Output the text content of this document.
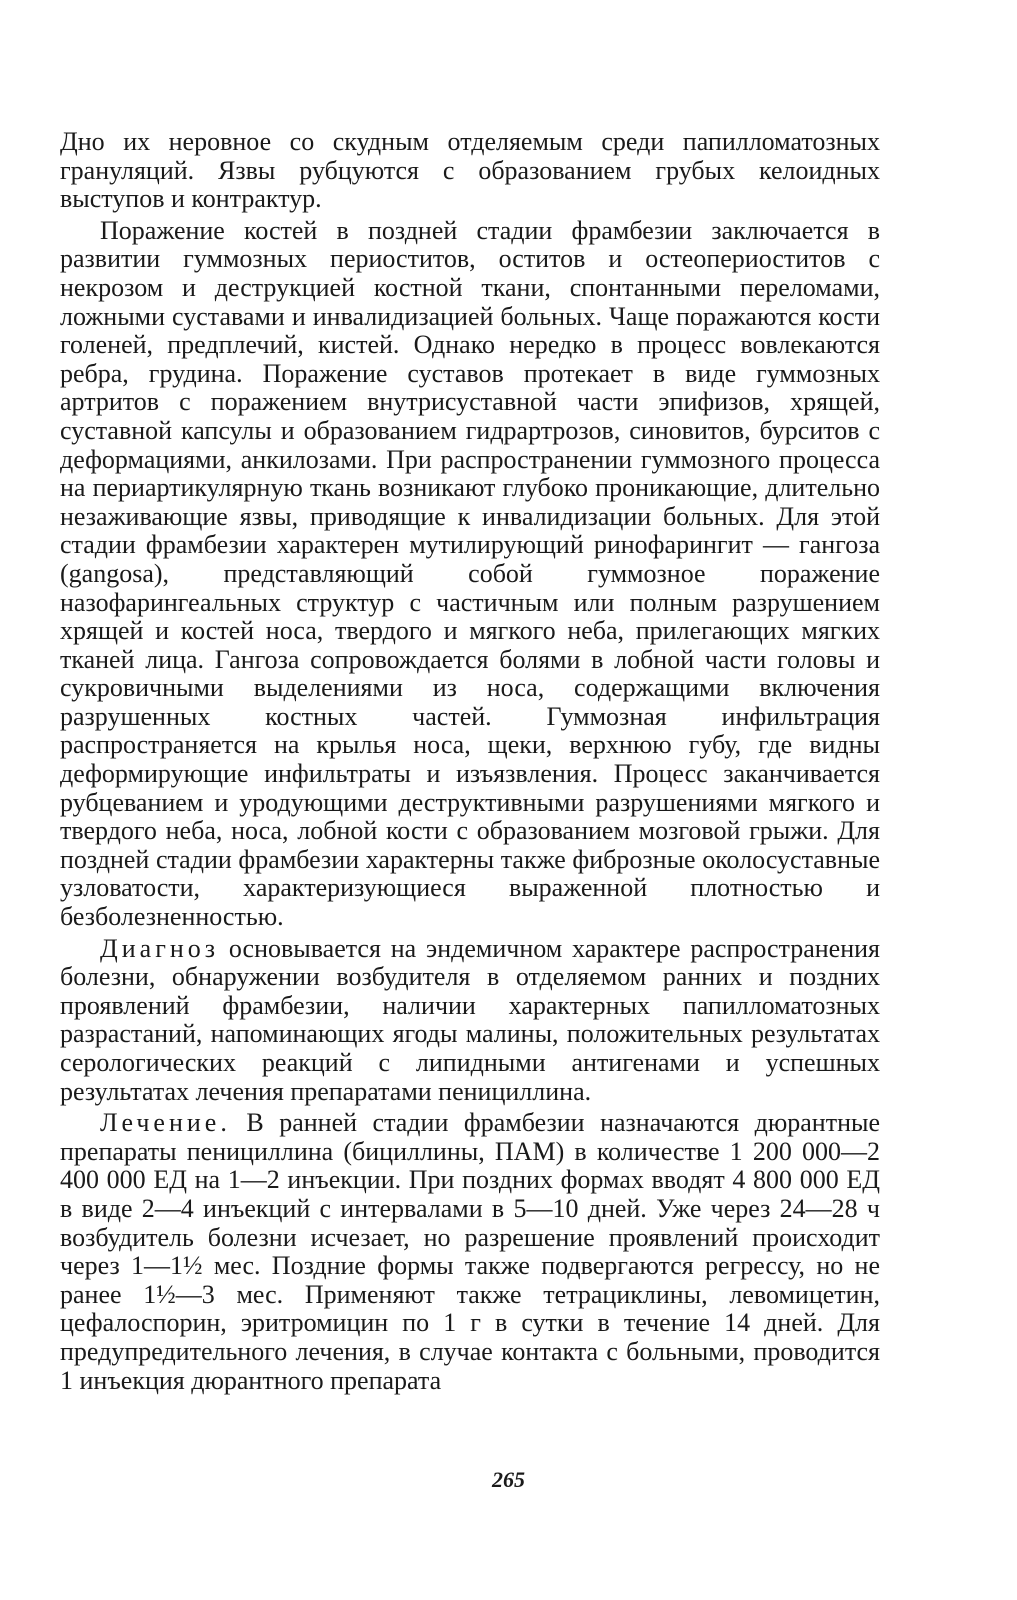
Дно их неровное со скудным отделяемым среди папилломатозных грануляций. Язвы рубцуются с образованием грубых келоидных выступов и контрактур.

Поражение костей в поздней стадии фрамбезии заключается в развитии гуммозных периоститов, оститов и остеопериоститов с некрозом и деструкцией костной ткани, спонтанными переломами, ложными суставами и инвалидизацией больных. Чаще поражаются кости голеней, предплечий, кистей. Однако нередко в процесс вовлекаются ребра, грудина. Поражение суставов протекает в виде гуммозных артритов с поражением внутрисуставной части эпифизов, хрящей, суставной капсулы и образованием гидрартрозов, синовитов, бурситов с деформациями, анкилозами. При распространении гуммозного процесса на периартикулярную ткань возникают глубоко проникающие, длительно незаживающие язвы, приводящие к инвалидизации больных. Для этой стадии фрамбезии характерен мутилирующий ринофарингит — гангоза (gangosa), представляющий собой гуммозное поражение назофарингеальных структур с частичным или полным разрушением хрящей и костей носа, твердого и мягкого неба, прилегающих мягких тканей лица. Гангоза сопровождается болями в лобной части головы и сукровичными выделениями из носа, содержащими включения разрушенных костных частей. Гуммозная инфильтрация распространяется на крылья носа, щеки, верхнюю губу, где видны деформирующие инфильтраты и изъязвления. Процесс заканчивается рубцеванием и уродующими деструктивными разрушениями мягкого и твердого неба, носа, лобной кости с образованием мозговой грыжи. Для поздней стадии фрамбезии характерны также фиброзные околосуставные узловатости, характеризующиеся выраженной плотностью и безболезненностью.

Диагноз основывается на эндемичном характере распространения болезни, обнаружении возбудителя в отделяемом ранних и поздних проявлений фрамбезии, наличии характерных папилломатозных разрастаний, напоминающих ягоды малины, положительных результатах серологических реакций с липидными антигенами и успешных результатах лечения препаратами пенициллина.

Лечение. В ранней стадии фрамбезии назначаются дюрантные препараты пенициллина (бициллины, ПАМ) в количестве 1 200 000—2 400 000 ЕД на 1—2 инъекции. При поздних формах вводят 4 800 000 ЕД в виде 2—4 инъекций с интервалами в 5—10 дней. Уже через 24—28 ч возбудитель болезни исчезает, но разрешение проявлений происходит через 1—1½ мес. Поздние формы также подвергаются регрессу, но не ранее 1½—3 мес. Применяют также тетрациклины, левомицетин, цефалоспорин, эритромицин по 1 г в сутки в течение 14 дней. Для предупредительного лечения, в случае контакта с больными, проводится 1 инъекция дюрантного препарата

265
